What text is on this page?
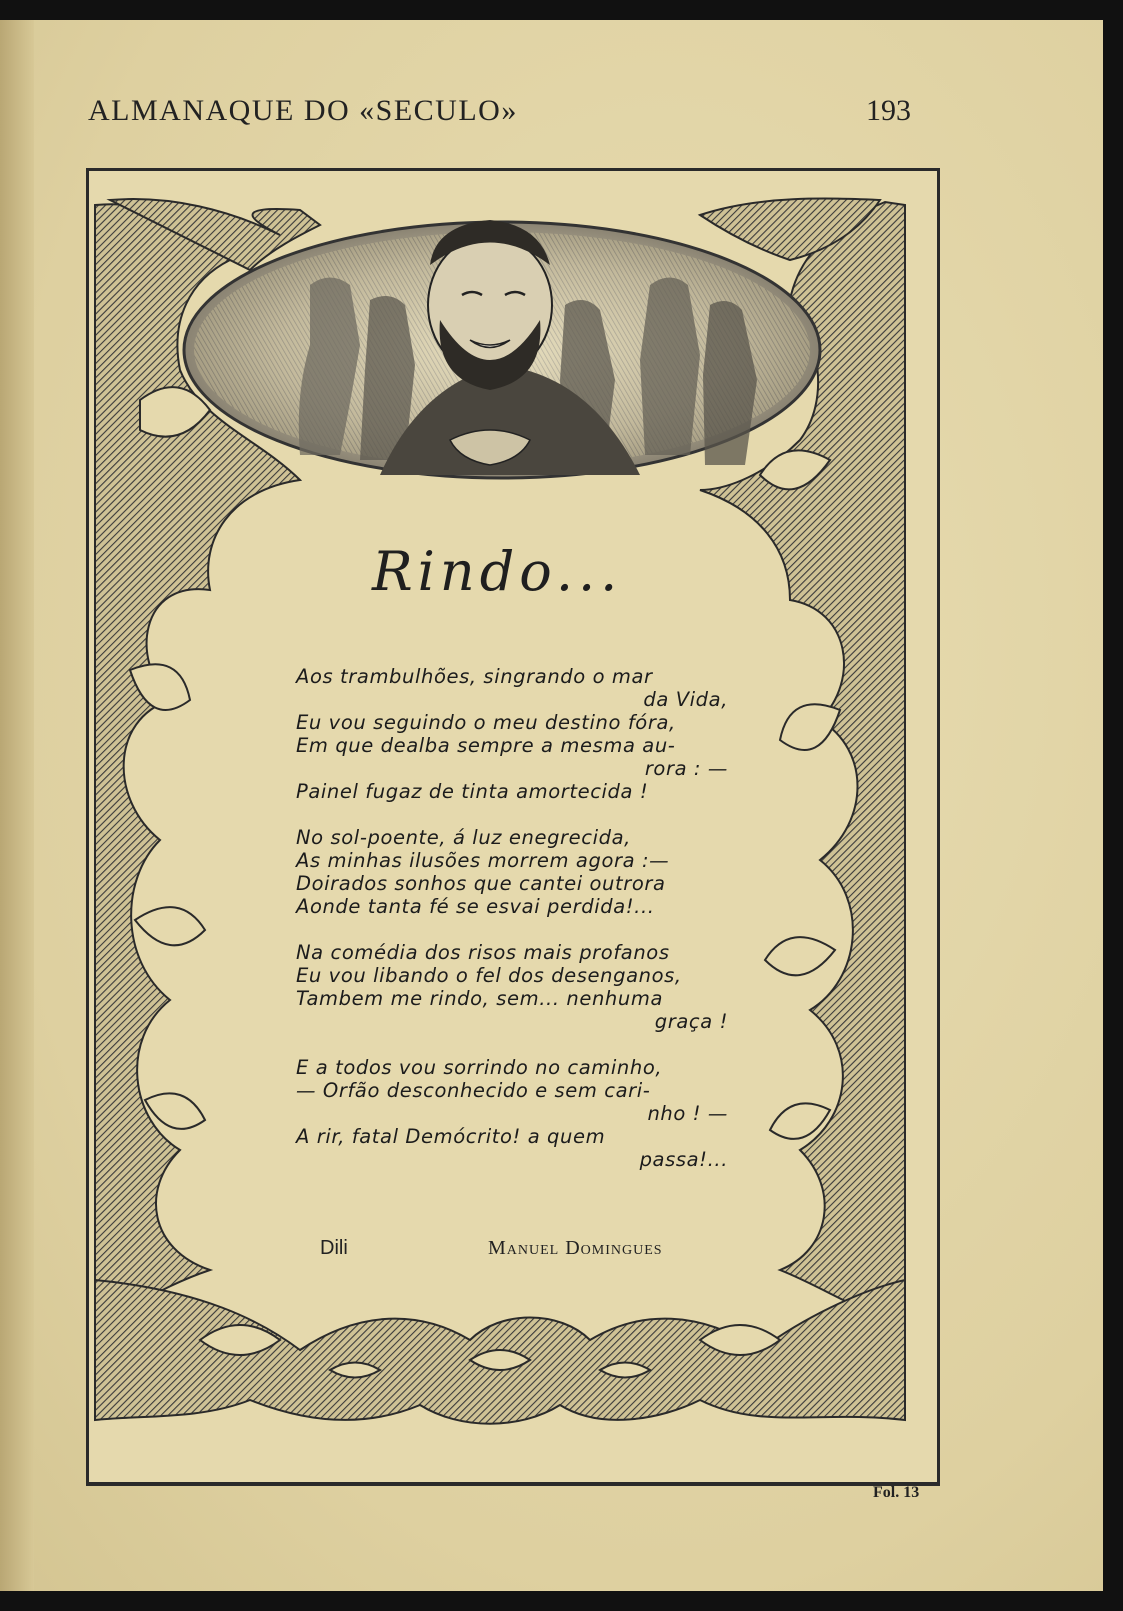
ALMANAQUE DO «SECULO»	193
Rindo...
Aos trambulhões, singrando o mar
da Vida,
Eu vou seguindo o meu destino fóra,
Em que dealba sempre a mesma au-
rora : —
Painel fugaz de tinta amortecida !
No sol-poente, á luz enegrecida,
As minhas ilusões morrem agora :—
Doirados sonhos que cantei outrora
Aonde tanta fé se esvai perdida!...
Na comédia dos risos mais profanos
Eu vou libando o fel dos desenganos,
Tambem me rindo, sem... nenhuma
graça !
E a todos vou sorrindo no caminho,
— Orfão desconhecido e sem cari-
nho ! —
A rir, fatal Demócrito! a quem
passa!...
Dili	Manuel Domingues
Fol. 13
